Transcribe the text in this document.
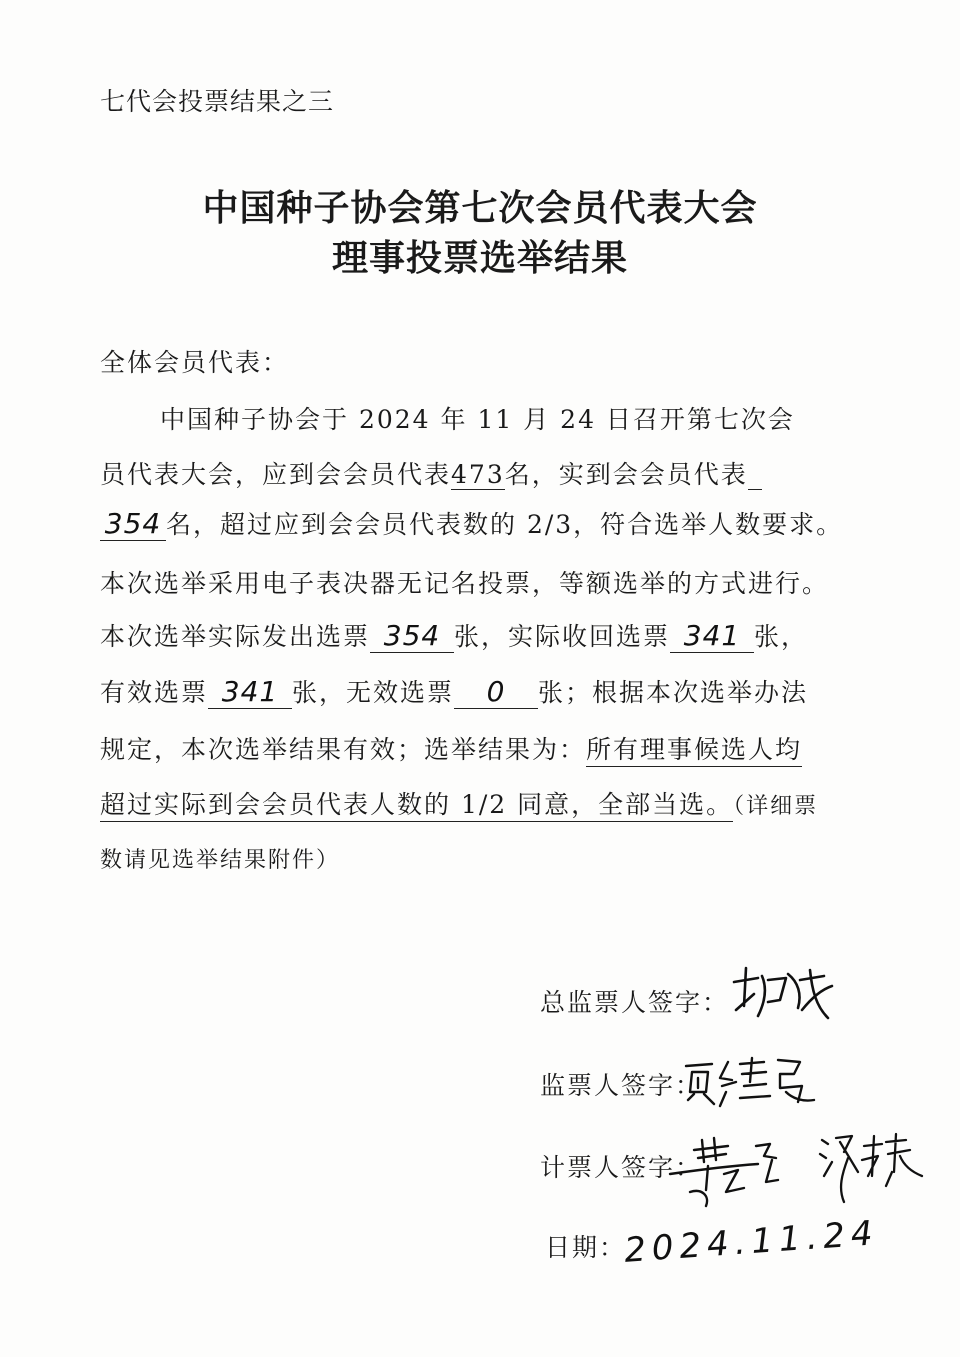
七代会投票结果之三
中国种子协会第七次会员代表大会
理事投票选举结果
全体会员代表：
中国种子协会于 2024 年 11 月 24 日召开第七次会
员代表大会，应到会会员代表473名，实到会会员代表
354 名，超过应到会会员代表数的 2/3，符合选举人数要求。
本次选举采用电子表决器无记名投票，等额选举的方式进行。
本次选举实际发出选票 354 张，实际收回选票 341 张，
有效选票 341 张，无效选票 0 张；根据本次选举办法
规定，本次选举结果有效；选举结果为：所有理事候选人均
超过实际到会会员代表人数的 1/2 同意，全部当选。（详细票
数请见选举结果附件）
总监票人签字：
监票人签字：
计票人签字：
日期：
2024.11.24
